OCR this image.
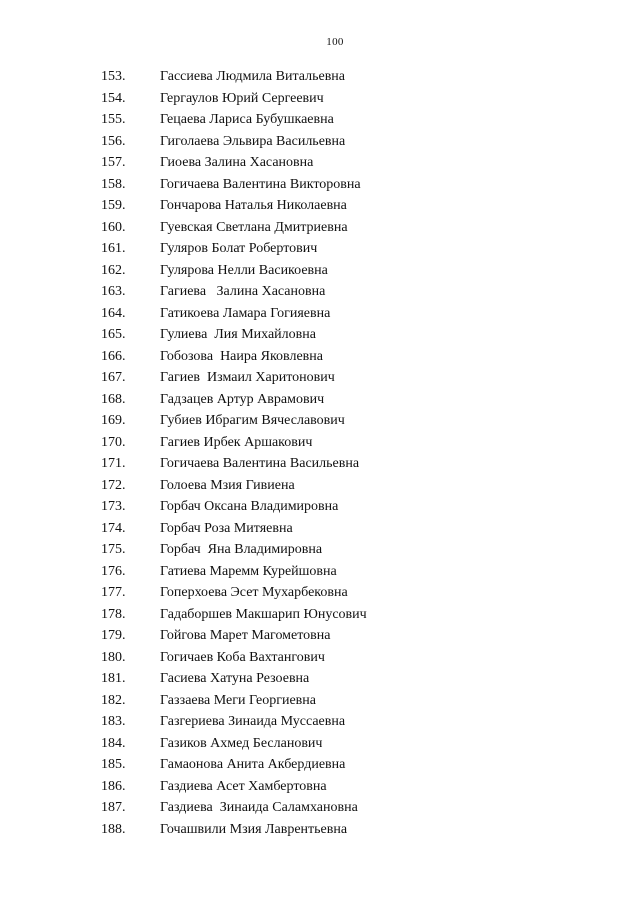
100
153.	Гассиева Людмила Витальевна
154.	Гергаулов Юрий Сергеевич
155.	Гецаева Лариса Бубушкаевна
156.	Гиголаева Эльвира Васильевна
157.	Гиоева Залина Хасановна
158.	Гогичаева Валентина Викторовна
159.	Гончарова Наталья Николаевна
160.	Гуевская Светлана Дмитриевна
161.	Гуляров Болат Робертович
162.	Гулярова Нелли Васикоевна
163.	Гагиева   Залина Хасановна
164.	Гатикоева Ламара Гогияевна
165.	Гулиева  Лия Михайловна
166.	Гобозова  Наира Яковлевна
167.	Гагиев  Измаил Харитонович
168.	Гадзацев Артур Аврамович
169.	Губиев Ибрагим Вячеславович
170.	Гагиев Ирбек Аршакович
171.	Гогичаева Валентина Васильевна
172.	Голоева Мзия Гивиена
173.	Горбач Оксана Владимировна
174.	Горбач Роза Митяевна
175.	Горбач  Яна Владимировна
176.	Гатиева Маремм Курейшовна
177.	Гоперхоева Эсет Мухарбековна
178.	Гадаборшев Макшарип Юнусович
179.	Гойгова Марет Магометовна
180.	Гогичаев Коба Вахтангович
181.	Гасиева Хатуна Резоевна
182.	Газзаева Меги Георгиевна
183.	Газгериева Зинаида Муссаевна
184.	Газиков Ахмед Бесланович
185.	Гамаонова Анита Акбердиевна
186.	Газдиева Асет Хамбертовна
187.	Газдиева  Зинаида Саламхановна
188.	Гочашвили Мзия Лаврентьевна
